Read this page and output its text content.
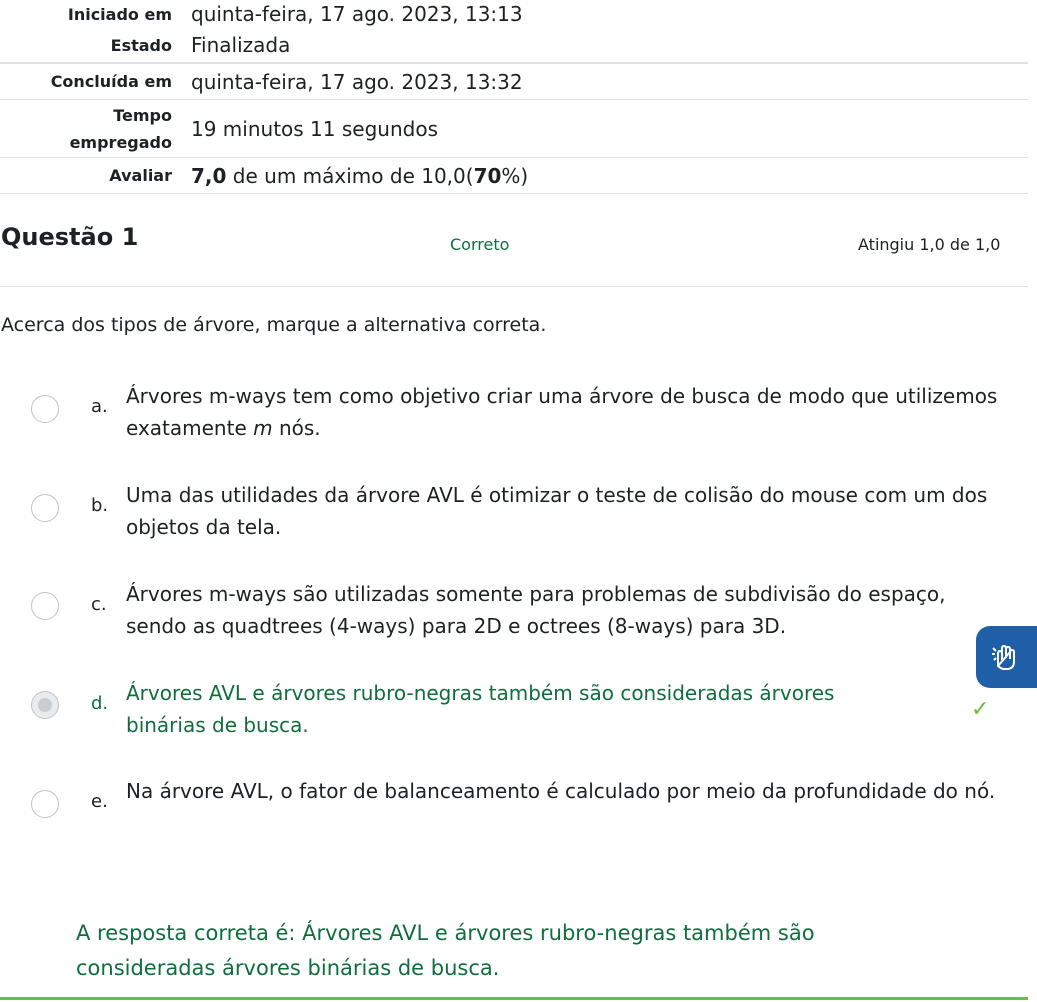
Iniciado em quinta-feira, 17 ago. 2023, 13:13
Estado Finalizada
Concluída em quinta-feira, 17 ago. 2023, 13:32
Tempo
empregado
19 minutos 11 segundos
Avaliar 7,0 de um máximo de 10,0(70%)
Questão 1	Correto	Atingiu 1,0 de 1,0
Acerca dos tipos de árvore, marque a alternativa correta.
a. Árvores m-ways tem como objetivo criar uma árvore de busca de modo que utilizemos exatamente m nós.
b. Uma das utilidades da árvore AVL é otimizar o teste de colisão do mouse com um dos objetos da tela.
c. Árvores m-ways são utilizadas somente para problemas de subdivisão do espaço, sendo as quadtrees (4-ways) para 2D e octrees (8-ways) para 3D.
d. Árvores AVL e árvores rubro-negras também são consideradas árvores binárias de busca.
✓
e. Na árvore AVL, o fator de balanceamento é calculado por meio da profundidade do nó.
A resposta correta é: Árvores AVL e árvores rubro-negras também são consideradas árvores binárias de busca.
